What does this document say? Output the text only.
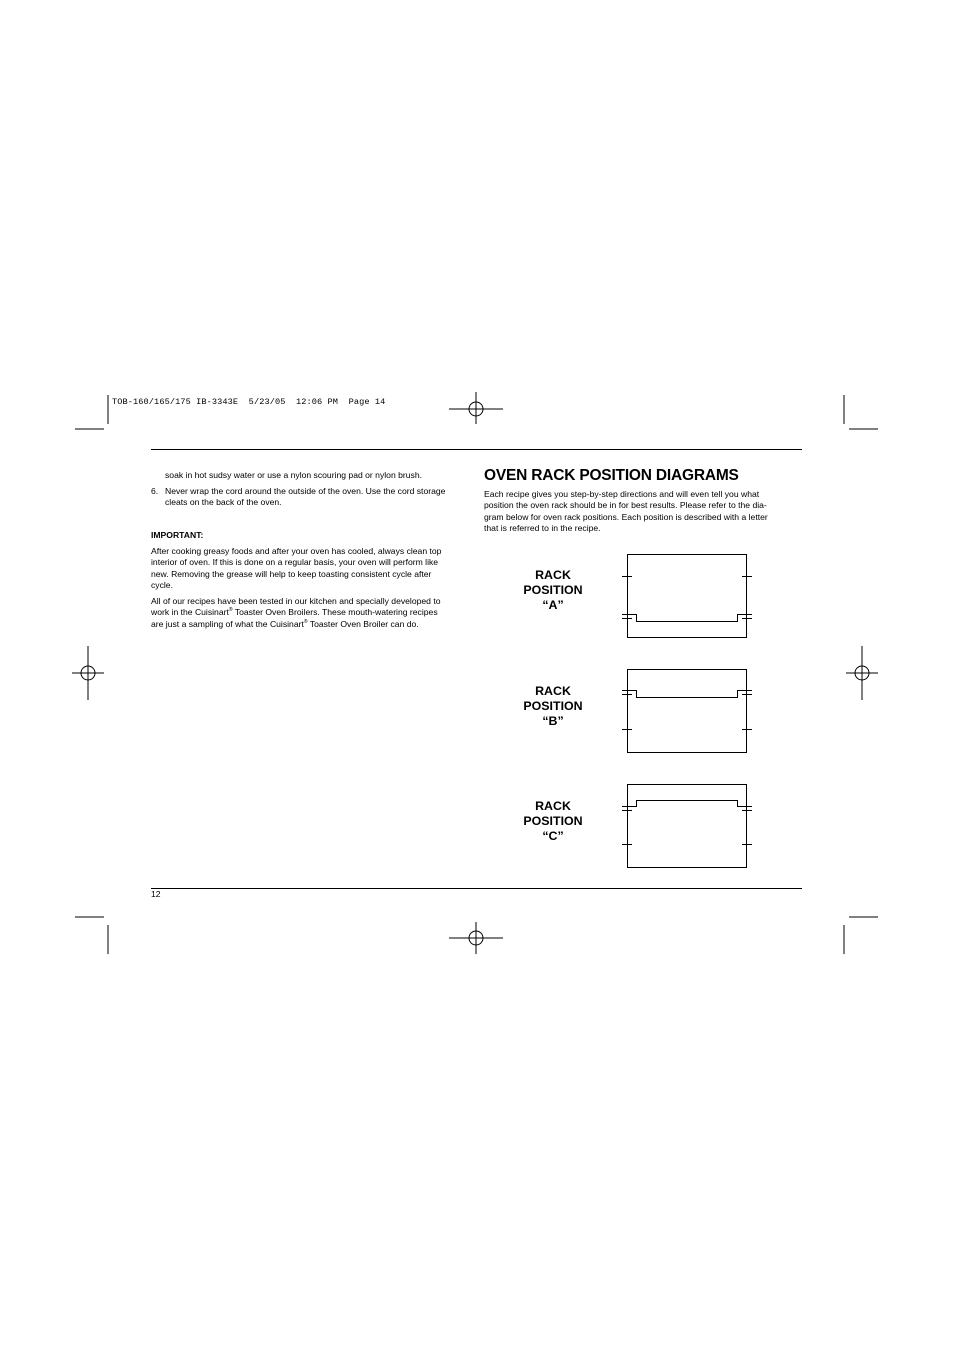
TOB-160/165/175 IB-3343E  5/23/05  12:06 PM  Page 14
soak in hot sudsy water or use a nylon scouring pad or nylon brush.
6. Never wrap the cord around the outside of the oven. Use the cord storage
cleats on the back of the oven.
IMPORTANT:
After cooking greasy foods and after your oven has cooled, always clean top
interior of oven. If this is done on a regular basis, your oven will perform like
new. Removing the grease will help to keep toasting consistent cycle after
cycle.
All of our recipes have been tested in our kitchen and specially developed to
work in the Cuisinart® Toaster Oven Broilers. These mouth-watering recipes
are just a sampling of what the Cuisinart® Toaster Oven Broiler can do.
OVEN RACK POSITION DIAGRAMS
Each recipe gives you step-by-step directions and will even tell you what
position the oven rack should be in for best results. Please refer to the dia-
gram below for oven rack positions. Each position is described with a letter
that is referred to in the recipe.
RACK
POSITION
“A”
RACK
POSITION
“B”
RACK
POSITION
“C”
12
